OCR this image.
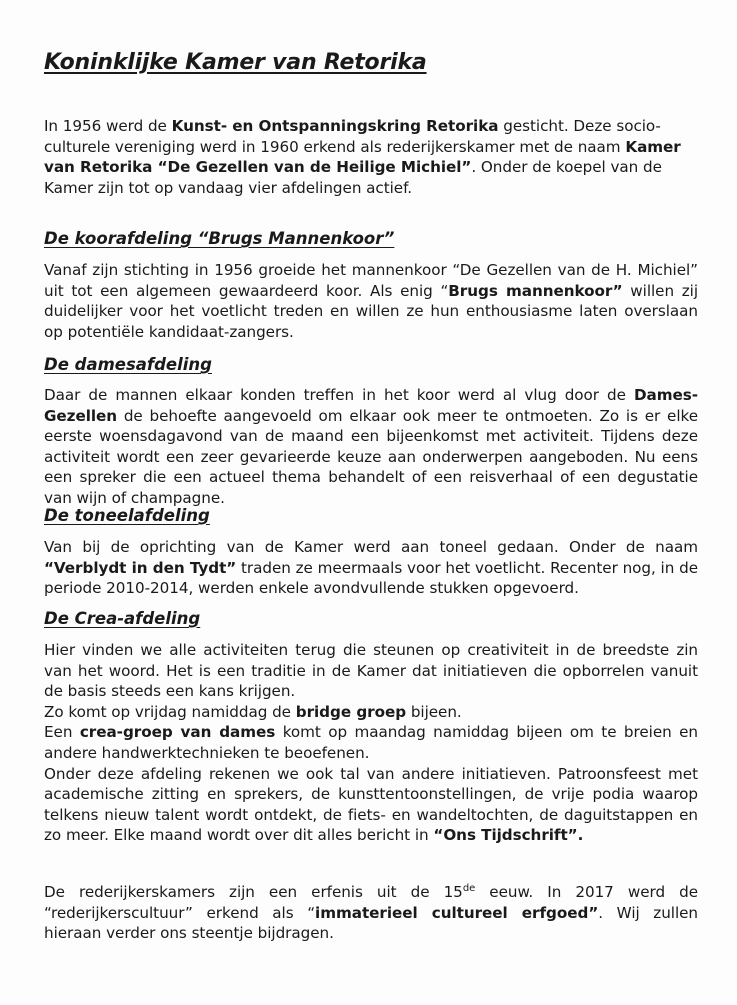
Koninklijke Kamer van Retorika
In 1956 werd de Kunst- en Ontspanningskring Retorika gesticht. Deze socio-culturele vereniging werd in 1960 erkend als rederijkerskamer met de naam Kamer van Retorika “De Gezellen van de Heilige Michiel”. Onder de koepel van de Kamer zijn tot op vandaag vier afdelingen actief.
De koorafdeling “Brugs Mannenkoor”
Vanaf zijn stichting in 1956 groeide het mannenkoor “De Gezellen van de H. Michiel” uit tot een algemeen gewaardeerd koor. Als enig “Brugs mannenkoor” willen zij duidelijker voor het voetlicht treden en willen ze hun enthousiasme laten overslaan op potentiële kandidaat-zangers.
De damesafdeling
Daar de mannen elkaar konden treffen in het koor werd al vlug door de Dames-Gezellen de behoefte aangevoeld om elkaar ook meer te ontmoeten. Zo is er elke eerste woensdagavond van de maand een bijeenkomst met activiteit. Tijdens deze activiteit wordt een zeer gevarieerde keuze aan onderwerpen aangeboden. Nu eens een spreker die een actueel thema behandelt of een reisverhaal of een degustatie van wijn of champagne.
De toneelafdeling
Van bij de oprichting van de Kamer werd aan toneel gedaan. Onder de naam “Verblydt in den Tydt” traden ze meermaals voor het voetlicht. Recenter nog, in de periode 2010-2014, werden enkele avondvullende stukken opgevoerd.
De Crea-afdeling

Hier vinden we alle activiteiten terug die steunen op creativiteit in de breedste zin van het woord. Het is een traditie in de Kamer dat initiatieven die opborrelen vanuit de basis steeds een kans krijgen.

Zo komt op vrijdag namiddag de bridge groep bijeen.

Een crea-groep van dames komt op maandag namiddag bijeen om te breien en andere handwerktechnieken te beoefenen.

Onder deze afdeling rekenen we ook tal van andere initiatieven. Patroonsfeest met academische zitting en sprekers, de kunsttentoonstellingen, de vrije podia waarop telkens nieuw talent wordt ontdekt, de fiets- en wandeltochten, de daguitstappen en zo meer. Elke maand wordt over dit alles bericht in “Ons Tijdschrift”.

De rederijkerskamers zijn een erfenis uit de 15de eeuw. In 2017 werd de “rederijkerscultuur” erkend als “immaterieel cultureel erfgoed”. Wij zullen hieraan verder ons steentje bijdragen.
